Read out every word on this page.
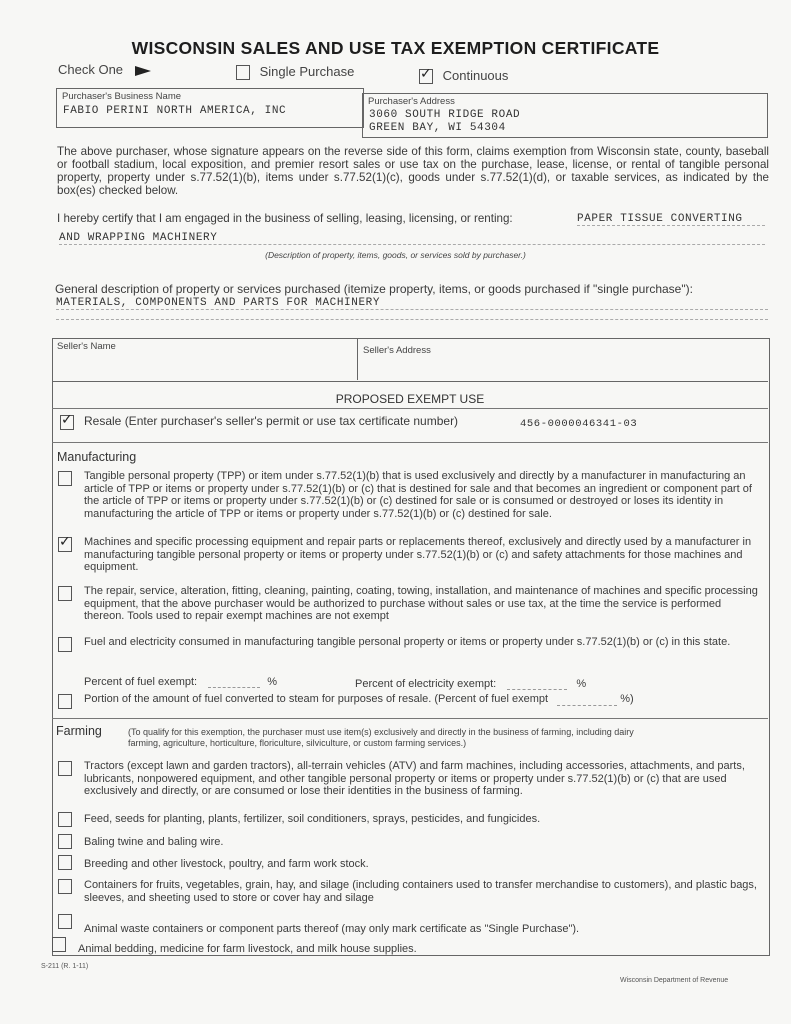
WISCONSIN SALES AND USE TAX EXEMPTION CERTIFICATE
Check One	Single Purchase ✓	Continuous
Purchaser's Business Name
FABIO PERINI NORTH AMERICA, INC
Purchaser's Address
3060 SOUTH RIDGE ROAD
GREEN BAY, WI 54304
The above purchaser, whose signature appears on the reverse side of this form, claims exemption from Wisconsin state, county, baseball or football stadium, local exposition, and premier resort sales or use tax on the purchase, lease, license, or rental of tangible personal property, property under s.77.52(1)(b), items under s.77.52(1)(c), goods under s.77.52(1)(d), or taxable services, as indicated by the box(es) checked below.
I hereby certify that I am engaged in the business of selling, leasing, licensing, or renting:	PAPER TISSUE CONVERTING
AND WRAPPING MACHINERY
(Description of property, items, goods, or services sold by purchaser.)
General description of property or services purchased (itemize property, items, or goods purchased if "single purchase"):
MATERIALS, COMPONENTS AND PARTS FOR MACHINERY
Seller's Name	Seller's Address
PROPOSED EXEMPT USE
✓
Resale (Enter purchaser's seller's permit or use tax certificate number)	456-0000046341-03
Manufacturing
Tangible personal property (TPP) or item under s.77.52(1)(b) that is used exclusively and directly by a manufacturer in manufacturing an article of TPP or items or property under s.77.52(1)(b) or (c) that is destined for sale and that becomes an ingredient or component part of the article of TPP or items or property under s.77.52(1)(b) or (c) destined for sale or is consumed or destroyed or loses its identity in manufacturing the article of TPP or items or property under s.77.52(1)(b) or (c) destined for sale.
✓
Machines and specific processing equipment and repair parts or replacements thereof, exclusively and directly used by a manufacturer in manufacturing tangible personal property or items or property under s.77.52(1)(b) or (c) and safety attachments for those machines and equipment.
The repair, service, alteration, fitting, cleaning, painting, coating, towing, installation, and maintenance of machines and specific processing equipment, that the above purchaser would be authorized to purchase without sales or use tax, at the time the service is performed thereon. Tools used to repair exempt machines are not exempt
Fuel and electricity consumed in manufacturing tangible personal property or items or property under s.77.52(1)(b) or (c) in this state.
Percent of fuel exempt:	%	Percent of electricity exempt:	%
Portion of the amount of fuel converted to steam for purposes of resale. (Percent of fuel exempt	%)
Farming	(To qualify for this exemption, the purchaser must use item(s) exclusively and directly in the business of farming, including dairy farming, agriculture, horticulture, floriculture, silviculture, or custom farming services.)
Tractors (except lawn and garden tractors), all-terrain vehicles (ATV) and farm machines, including accessories, attachments, and parts, lubricants, nonpowered equipment, and other tangible personal property or items or property under s.77.52(1)(b) or (c) that are used exclusively and directly, or are consumed or lose their identities in the business of farming.
Feed, seeds for planting, plants, fertilizer, soil conditioners, sprays, pesticides, and fungicides.
Baling twine and baling wire.
Breeding and other livestock, poultry, and farm work stock.
Containers for fruits, vegetables, grain, hay, and silage (including containers used to transfer merchandise to customers), and plastic bags, sleeves, and sheeting used to store or cover hay and silage
Animal waste containers or component parts thereof (may only mark certificate as "Single Purchase").
Animal bedding, medicine for farm livestock, and milk house supplies.
S-211 (R. 1-11)
Wisconsin Department of Revenue
